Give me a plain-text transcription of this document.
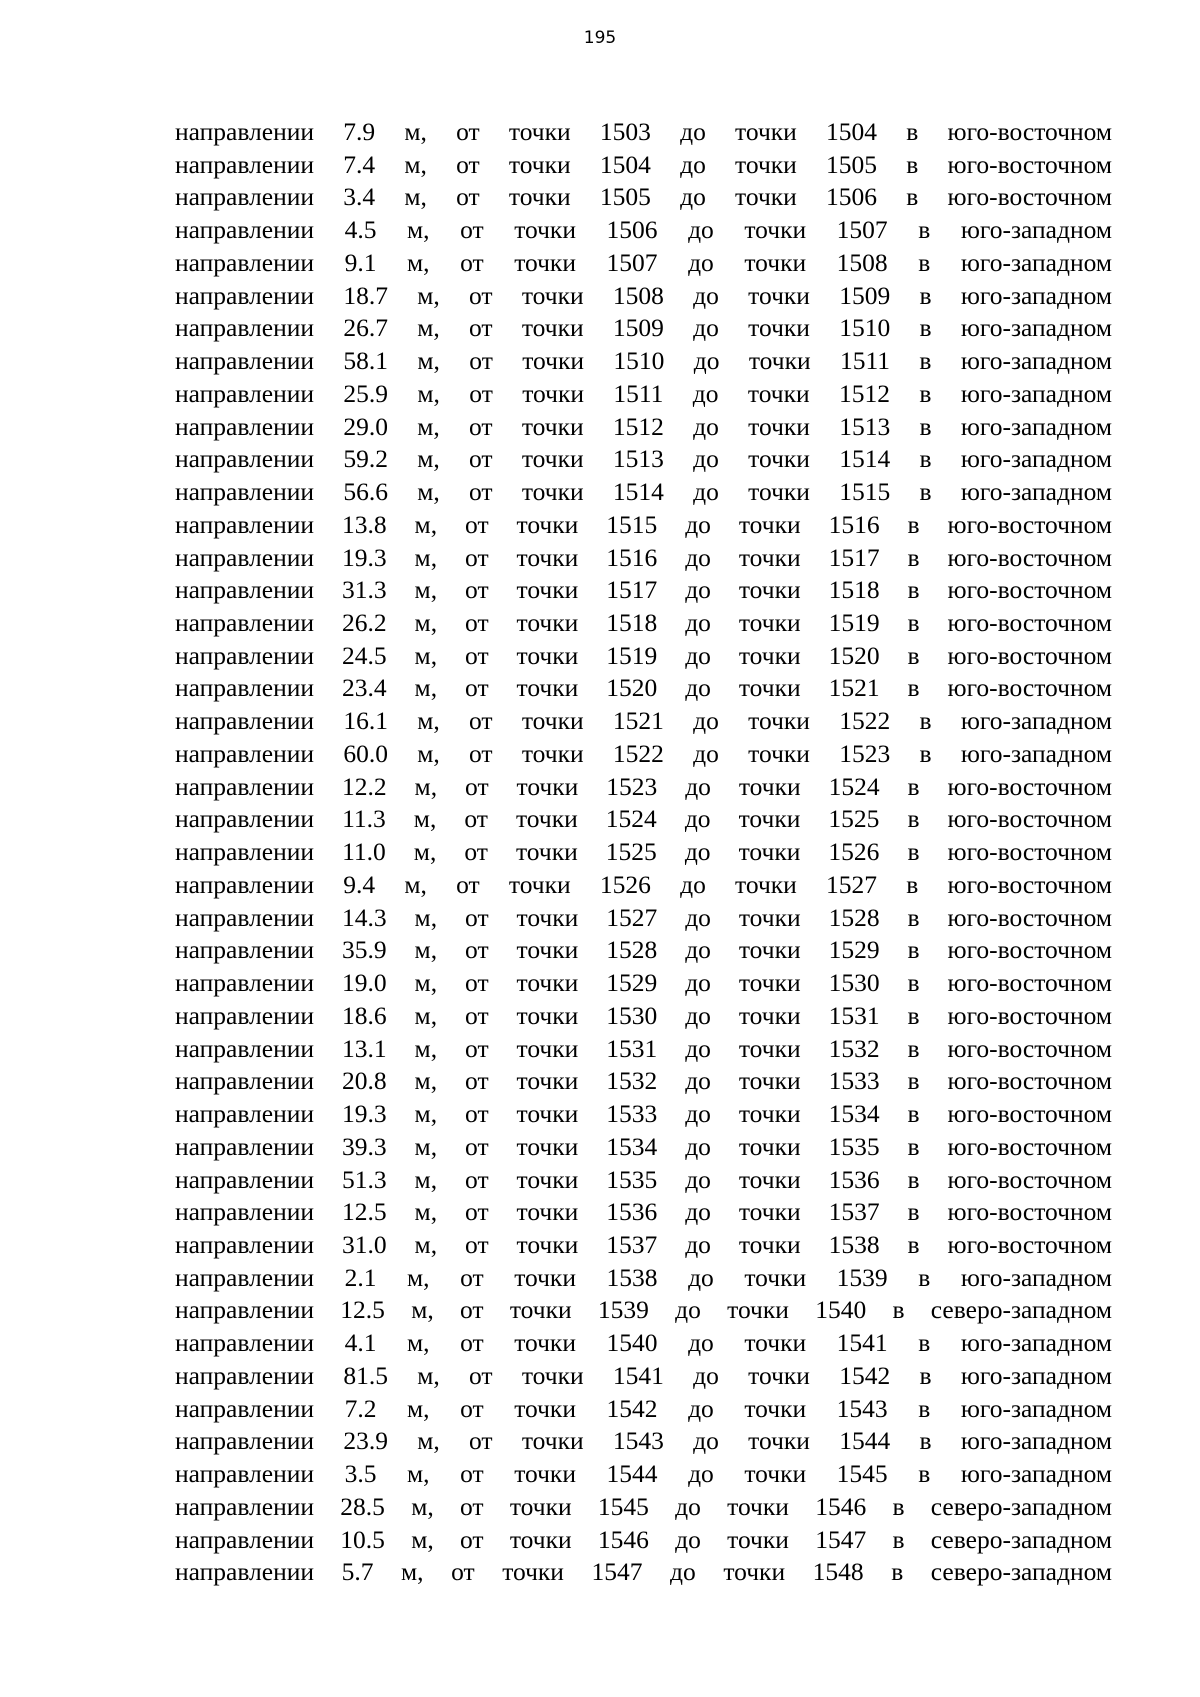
195
направлении 7.9 м, от точки 1503 до точки 1504 в юго-восточном
направлении 7.4 м, от точки 1504 до точки 1505 в юго-восточном
направлении 3.4 м, от точки 1505 до точки 1506 в юго-восточном
направлении 4.5 м, от точки 1506 до точки 1507 в юго-западном
направлении 9.1 м, от точки 1507 до точки 1508 в юго-западном
направлении 18.7 м, от точки 1508 до точки 1509 в юго-западном
направлении 26.7 м, от точки 1509 до точки 1510 в юго-западном
направлении 58.1 м, от точки 1510 до точки 1511 в юго-западном
направлении 25.9 м, от точки 1511 до точки 1512 в юго-западном
направлении 29.0 м, от точки 1512 до точки 1513 в юго-западном
направлении 59.2 м, от точки 1513 до точки 1514 в юго-западном
направлении 56.6 м, от точки 1514 до точки 1515 в юго-западном
направлении 13.8 м, от точки 1515 до точки 1516 в юго-восточном
направлении 19.3 м, от точки 1516 до точки 1517 в юго-восточном
направлении 31.3 м, от точки 1517 до точки 1518 в юго-восточном
направлении 26.2 м, от точки 1518 до точки 1519 в юго-восточном
направлении 24.5 м, от точки 1519 до точки 1520 в юго-восточном
направлении 23.4 м, от точки 1520 до точки 1521 в юго-восточном
направлении 16.1 м, от точки 1521 до точки 1522 в юго-западном
направлении 60.0 м, от точки 1522 до точки 1523 в юго-западном
направлении 12.2 м, от точки 1523 до точки 1524 в юго-восточном
направлении 11.3 м, от точки 1524 до точки 1525 в юго-восточном
направлении 11.0 м, от точки 1525 до точки 1526 в юго-восточном
направлении 9.4 м, от точки 1526 до точки 1527 в юго-восточном
направлении 14.3 м, от точки 1527 до точки 1528 в юго-восточном
направлении 35.9 м, от точки 1528 до точки 1529 в юго-восточном
направлении 19.0 м, от точки 1529 до точки 1530 в юго-восточном
направлении 18.6 м, от точки 1530 до точки 1531 в юго-восточном
направлении 13.1 м, от точки 1531 до точки 1532 в юго-восточном
направлении 20.8 м, от точки 1532 до точки 1533 в юго-восточном
направлении 19.3 м, от точки 1533 до точки 1534 в юго-восточном
направлении 39.3 м, от точки 1534 до точки 1535 в юго-восточном
направлении 51.3 м, от точки 1535 до точки 1536 в юго-восточном
направлении 12.5 м, от точки 1536 до точки 1537 в юго-восточном
направлении 31.0 м, от точки 1537 до точки 1538 в юго-восточном
направлении 2.1 м, от точки 1538 до точки 1539 в юго-западном
направлении 12.5 м, от точки 1539 до точки 1540 в северо-западном
направлении 4.1 м, от точки 1540 до точки 1541 в юго-западном
направлении 81.5 м, от точки 1541 до точки 1542 в юго-западном
направлении 7.2 м, от точки 1542 до точки 1543 в юго-западном
направлении 23.9 м, от точки 1543 до точки 1544 в юго-западном
направлении 3.5 м, от точки 1544 до точки 1545 в юго-западном
направлении 28.5 м, от точки 1545 до точки 1546 в северо-западном
направлении 10.5 м, от точки 1546 до точки 1547 в северо-западном
направлении 5.7 м, от точки 1547 до точки 1548 в северо-западном
